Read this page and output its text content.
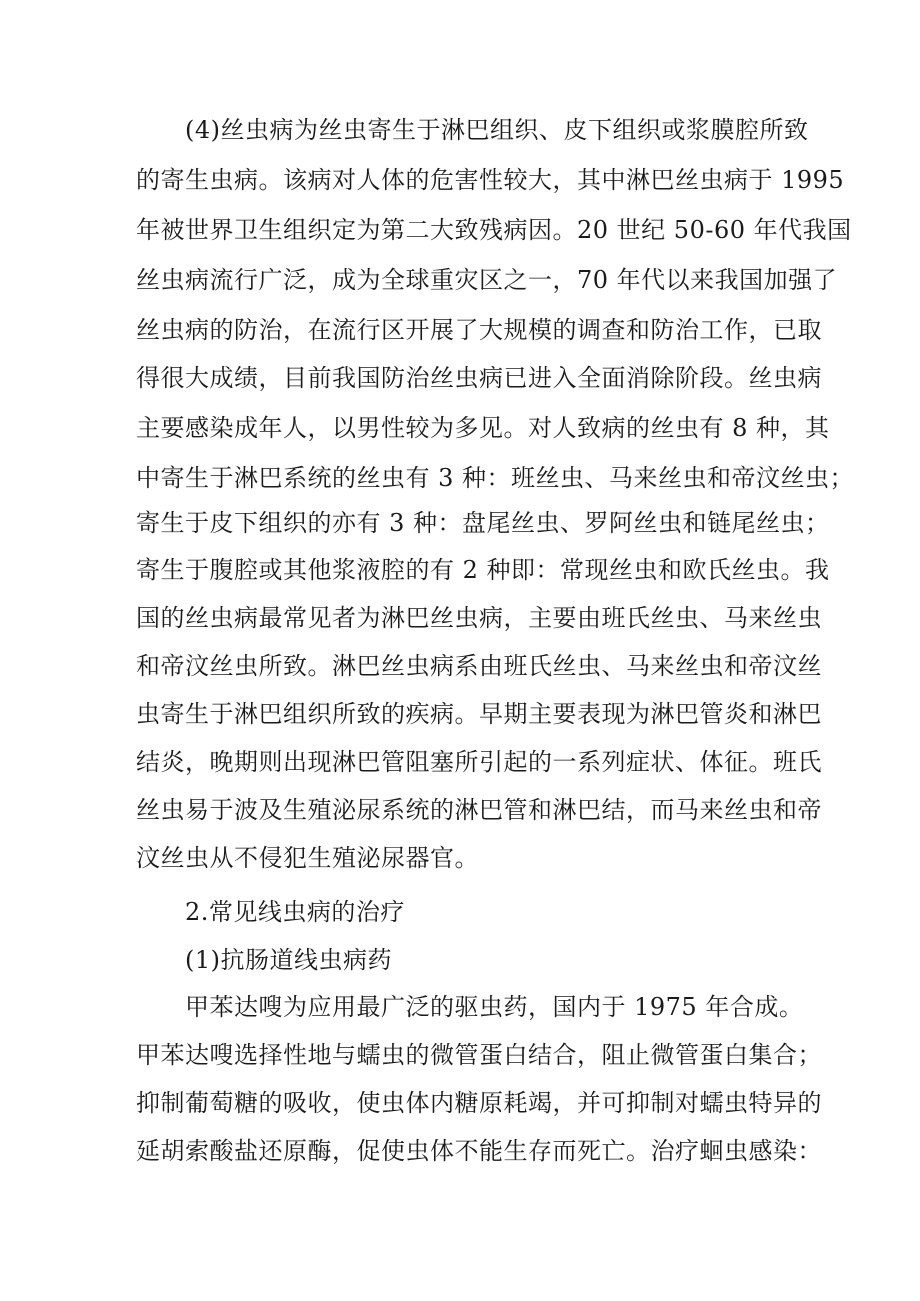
(4)丝虫病为丝虫寄生于淋巴组织、皮下组织或浆膜腔所致
的寄生虫病。该病对人体的危害性较大，其中淋巴丝虫病于 1995
年被世界卫生组织定为第二大致残病因。20 世纪 50-60 年代我国
丝虫病流行广泛，成为全球重灾区之一，70 年代以来我国加强了
丝虫病的防治，在流行区开展了大规模的调查和防治工作，已取
得很大成绩，目前我国防治丝虫病已进入全面消除阶段。丝虫病
主要感染成年人，以男性较为多见。对人致病的丝虫有 8 种，其
中寄生于淋巴系统的丝虫有 3 种：班丝虫、马来丝虫和帝汶丝虫；
寄生于皮下组织的亦有 3 种：盘尾丝虫、罗阿丝虫和链尾丝虫；
寄生于腹腔或其他浆液腔的有 2 种即：常现丝虫和欧氏丝虫。我
国的丝虫病最常见者为淋巴丝虫病，主要由班氏丝虫、马来丝虫
和帝汶丝虫所致。淋巴丝虫病系由班氏丝虫、马来丝虫和帝汶丝
虫寄生于淋巴组织所致的疾病。早期主要表现为淋巴管炎和淋巴
结炎，晚期则出现淋巴管阻塞所引起的一系列症状、体征。班氏
丝虫易于波及生殖泌尿系统的淋巴管和淋巴结，而马来丝虫和帝
汶丝虫从不侵犯生殖泌尿器官。
2.常见线虫病的治疗
(1)抗肠道线虫病药
甲苯达嗖为应用最广泛的驱虫药，国内于 1975 年合成。
甲苯达嗖选择性地与蠕虫的微管蛋白结合，阻止微管蛋白集合；
抑制葡萄糖的吸收，使虫体内糖原耗竭，并可抑制对蠕虫特异的
延胡索酸盐还原酶，促使虫体不能生存而死亡。治疗蛔虫感染：
